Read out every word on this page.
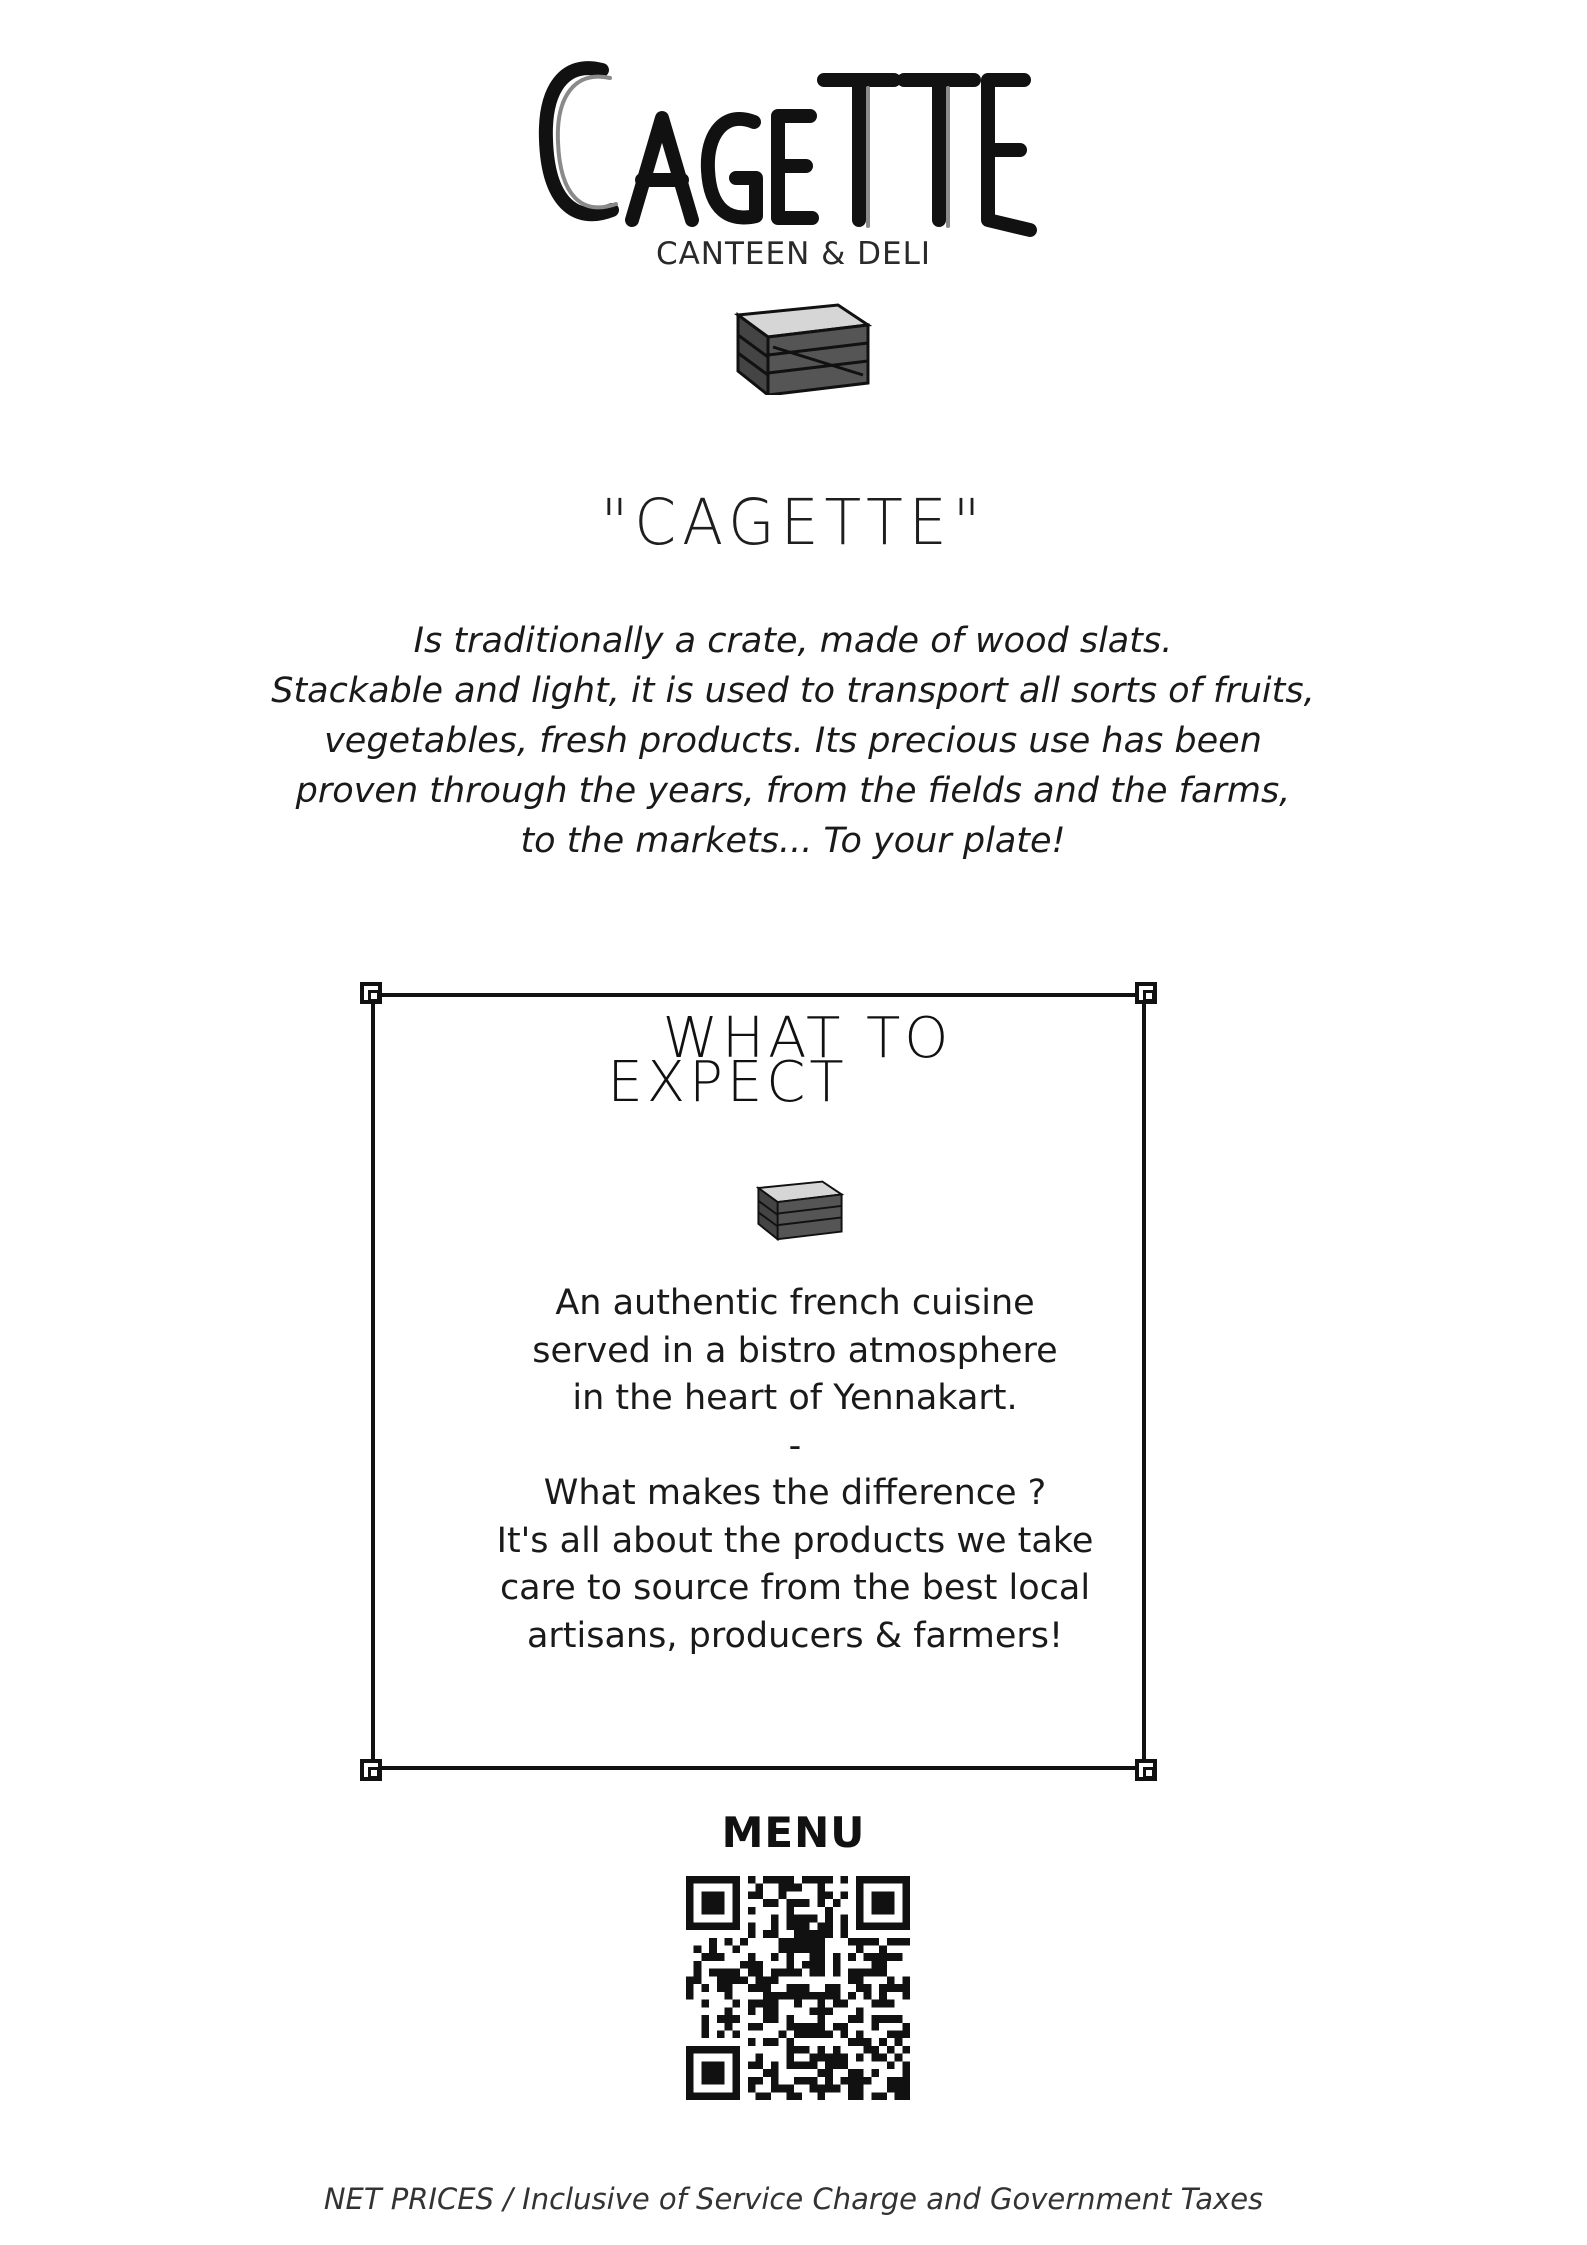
CANTEEN & DELI
"CAGETTE"
Is traditionally a crate, made of wood slats.
Stackable and light, it is used to transport all sorts of fruits,
vegetables, fresh products. Its precious use has been
proven through the years, from the fields and the farms,
to the markets... To your plate!
WHAT TO
EXPECT
An authentic french cuisine
served in a bistro atmosphere
in the heart of Yennakart.
-
What makes the difference ?
It's all about the products we take
care to source from the best local
artisans, producers & farmers!
MENU
NET PRICES / Inclusive of Service Charge and Government Taxes
